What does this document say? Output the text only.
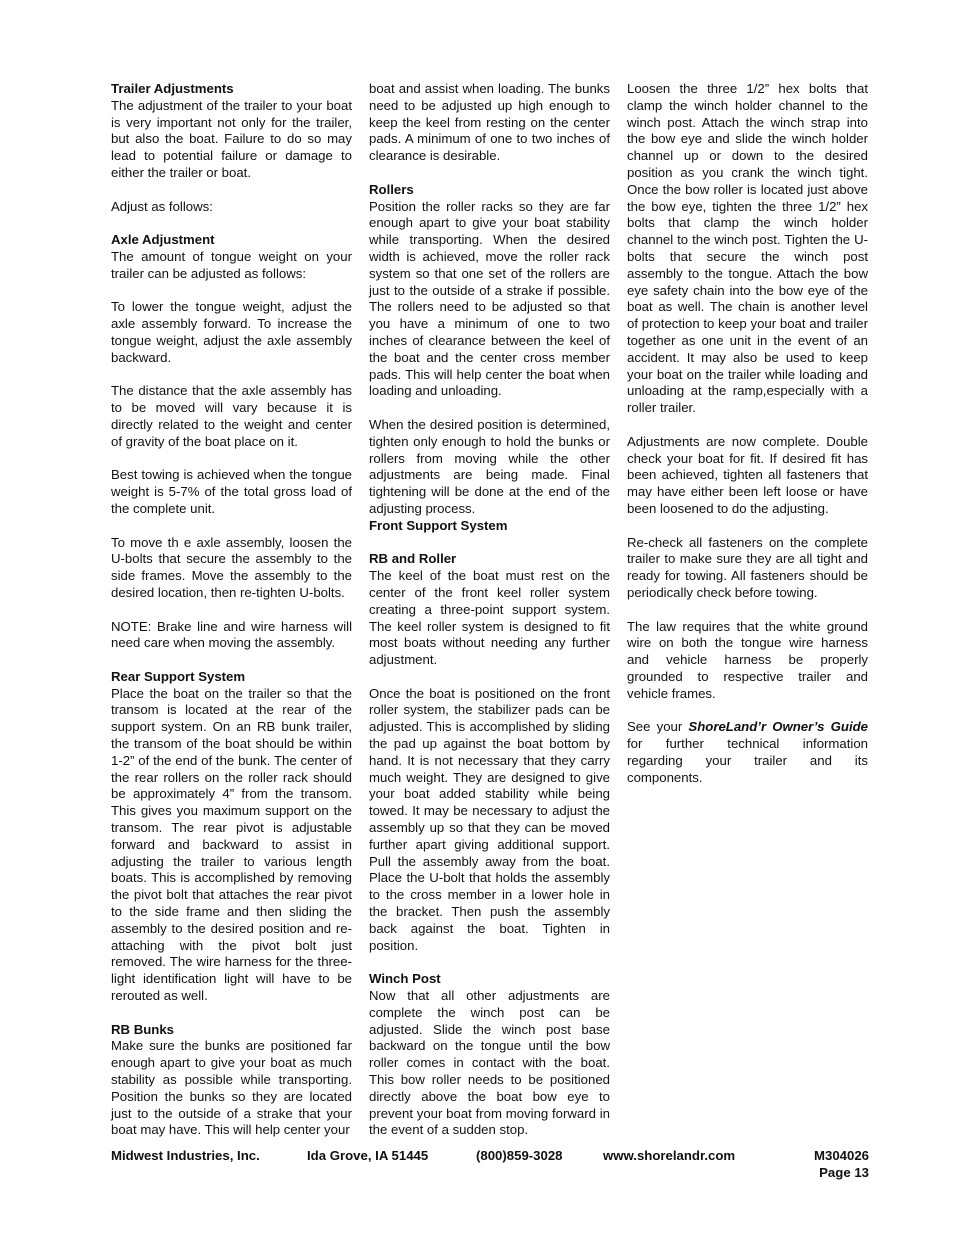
Trailer Adjustments

The adjustment of the trailer to your boat is very important not only for the trailer, but also the boat. Failure to do so may lead to potential failure or damage to either the trailer or boat.

Adjust as follows:

Axle Adjustment

The amount of tongue weight on your trailer can be adjusted as follows:

To lower the tongue weight, adjust the axle assembly forward. To increase the tongue weight, adjust the axle assembly backward.

The distance that the axle assembly has to be moved will vary because it is directly related to the weight and center of gravity of the boat place on it.

Best towing is achieved when the tongue weight is 5-7% of the total gross load of the complete unit.

To move th e axle assembly, loosen the U-bolts that secure the assembly to the side frames. Move the assembly to the desired location, then re-tighten U-bolts.

NOTE: Brake line and wire harness will need care when moving the assembly.

Rear Support System

Place the boat on the trailer so that the transom is located at the rear of the support system. On an RB bunk trailer, the transom of the boat should be within 1-2” of the end of the bunk. The center of the rear rollers on the roller rack should be approximately 4” from the transom. This gives you maximum support on the transom. The rear pivot is adjustable forward and backward to assist in adjusting the trailer to various length boats. This is accomplished by removing the pivot bolt that attaches the rear pivot to the side frame and then sliding the assembly to the desired position and re-attaching with the pivot bolt just removed. The wire harness for the three-light identification light will have to be rerouted as well.

RB Bunks

Make sure the bunks are positioned far enough apart to give your boat as much stability as possible while transporting. Position the bunks so they are located just to the outside of a strake that your boat may have. This will help center your

boat and assist when loading. The bunks need to be adjusted up high enough to keep the keel from resting on the center pads. A minimum of one to two inches of clearance is desirable.

Rollers

Position the roller racks so they are far enough apart to give your boat stability while transporting. When the desired width is achieved, move the roller rack system so that one set of the rollers are just to the outside of a strake if possible. The rollers need to be adjusted so that you have a minimum of one to two inches of clearance between the keel of the boat and the center cross member pads. This will help center the boat when loading and unloading.

When the desired position is determined, tighten only enough to hold the bunks or rollers from moving while the other adjustments are being made. Final tightening will be done at the end of the adjusting process.

Front Support System

RB and Roller

The keel of the boat must rest on the center of the front keel roller system creating a three-point support system. The keel roller system is designed to fit most boats without needing any further adjustment.

Once the boat is positioned on the front roller system, the stabilizer pads can be adjusted. This is accomplished by sliding the pad up against the boat bottom by hand. It is not necessary that they carry much weight. They are designed to give your boat added stability while being towed. It may be necessary to adjust the assembly up so that they can be moved further apart giving additional support. Pull the assembly away from the boat. Place the U-bolt that holds the assembly to the cross member in a lower hole in the bracket. Then push the assembly back against the boat. Tighten in position.

Winch Post

Now that all other adjustments are complete the winch post can be adjusted. Slide the winch post base backward on the tongue until the bow roller comes in contact with the boat. This bow roller needs to be positioned directly above the boat bow eye to prevent your boat from moving forward in the event of a sudden stop.

Loosen the three 1/2” hex bolts that clamp the winch holder channel to the winch post. Attach the winch strap into the bow eye and slide the winch holder channel up or down to the desired position as you crank the winch tight. Once the bow roller is located just above the bow eye, tighten the three 1/2” hex bolts that clamp the winch holder channel to the winch post. Tighten the U-bolts that secure the winch post assembly to the tongue. Attach the bow eye safety chain into the bow eye of the boat as well. The chain is another level of protection to keep your boat and trailer together as one unit in the event of an accident. It may also be used to keep your boat on the trailer while loading and unloading at the ramp,especially with a roller trailer.

Adjustments are now complete. Double check your boat for fit. If desired fit has been achieved, tighten all fasteners that may have either been left loose or have been loosened to do the adjusting.

Re-check all fasteners on the complete trailer to make sure they are all tight and ready for towing. All fasteners should be periodically check before towing.

The law requires that the white ground wire on both the tongue wire harness and vehicle harness be properly grounded to respective trailer and vehicle frames.

See your ShoreLand’r Owner’s Guide for further technical information regarding your trailer and its components.

Midwest Industries, Inc.	Ida Grove, IA 51445	(800)859-3028	www.shorelandr.com	M304026
Page 13
